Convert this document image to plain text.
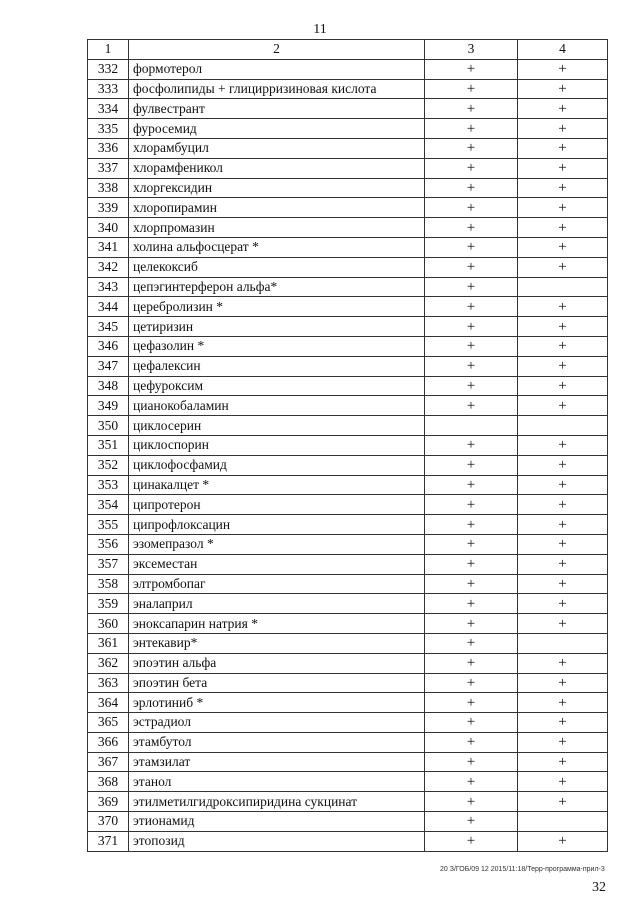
11
1	2	3	4
332	формотерол	+	+
333	фосфолипиды + глицирризиновая кислота	+	+
334	фулвестрант	+	+
335	фуросемид	+	+
336	хлорамбуцил	+	+
337	хлорамфеникол	+	+
338	хлоргексидин	+	+
339	хлоропирамин	+	+
340	хлорпромазин	+	+
341	холина альфосцерат *	+	+
342	целекоксиб	+	+
343	цепэгинтерферон альфа*	+	
344	церебролизин *	+	+
345	цетиризин	+	+
346	цефазолин *	+	+
347	цефалексин	+	+
348	цефуроксим	+	+
349	цианокобаламин	+	+
350	циклосерин		
351	циклоспорин	+	+
352	циклофосфамид	+	+
353	цинакалцет *	+	+
354	ципротерон	+	+
355	ципрофлоксацин	+	+
356	эзомепразол *	+	+
357	эксеместан	+	+
358	элтромбопаг	+	+
359	эналаприл	+	+
360	эноксапарин натрия *	+	+
361	энтекавир*	+	
362	эпоэтин альфа	+	+
363	эпоэтин бета	+	+
364	эрлотиниб *	+	+
365	эстрадиол	+	+
366	этамбутол	+	+
367	этамзилат	+	+
368	этанол	+	+
369	этилметилгидроксипиридина сукцинат	+	+
370	этионамид	+	
371	этопозид	+	+
20 З/ГОБ/09 12 2015/11:18/Терр-программа-прил-3
32
